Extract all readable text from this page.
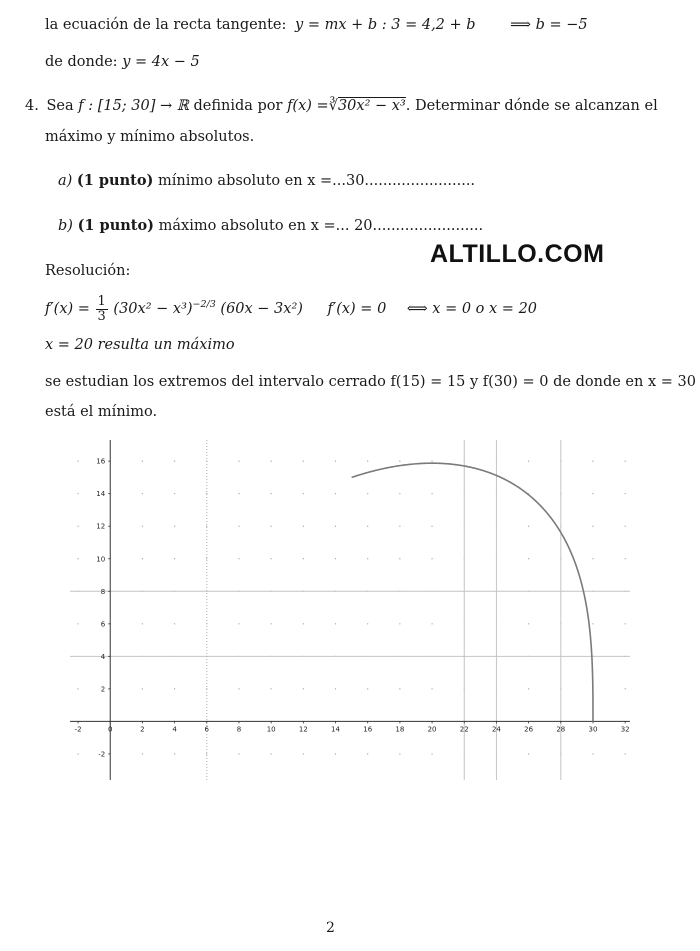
la ecuación de la recta tangente: y = mx + b : 3 = 4,2 + b ⟹ b = −5
de donde: y = 4x − 5
4. Sea f : [15; 30] → ℝ definida por f(x) =∛30x² − x³. Determinar dónde se alcanzan el
máximo y mínimo absolutos.
a) (1 punto) mínimo absoluto en x =...30........................
b) (1 punto) máximo absoluto en x =... 20........................
ALTILLO.COM
Resolución:
$f'(x) = \frac{1}{3} (30x^2 - x^3)^{-2/3}$ (60x − 3x²) f′(x) = 0 ⟺ x = 0 o x = 20
x = 20 resulta un máximo
se estudian los extremos del intervalo cerrado f(15) = 15 y f(30) = 0 de donde en x = 30
está el mínimo.
-2	0	2	4	6	8	10	12	14	16	18	20	22	24	26	28	30	32
-2
2
4
6
8
10
12
14
16
2
